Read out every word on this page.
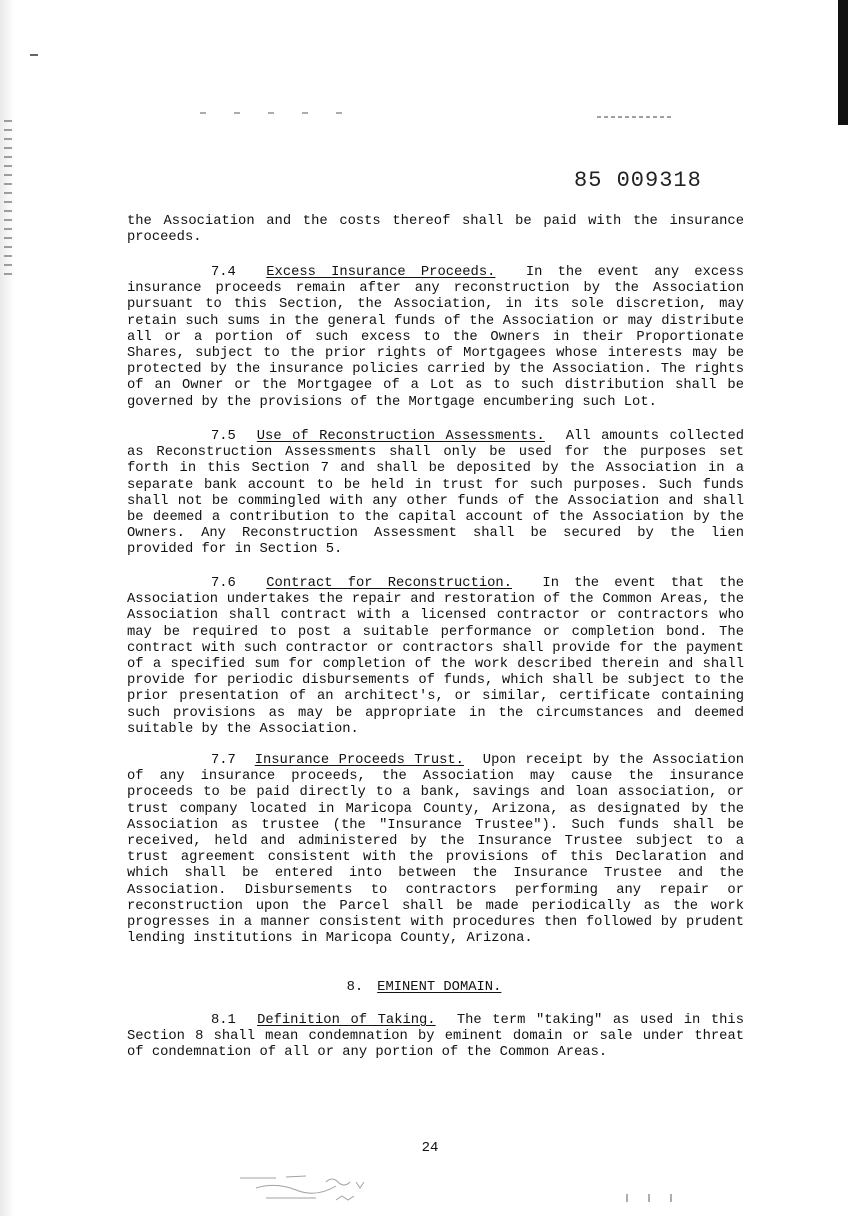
85 009318
the Association and the costs thereof shall be paid with the insurance proceeds.
7.4 Excess Insurance Proceeds. In the event any excess insurance proceeds remain after any reconstruction by the Association pursuant to this Section, the Association, in its sole discretion, may retain such sums in the general funds of the Association or may distribute all or a portion of such excess to the Owners in their Proportionate Shares, subject to the prior rights of Mortgagees whose interests may be protected by the insurance policies carried by the Association. The rights of an Owner or the Mortgagee of a Lot as to such distribution shall be governed by the provisions of the Mortgage encumbering such Lot.
7.5 Use of Reconstruction Assessments. All amounts collected as Reconstruction Assessments shall only be used for the purposes set forth in this Section 7 and shall be deposited by the Association in a separate bank account to be held in trust for such purposes. Such funds shall not be commingled with any other funds of the Association and shall be deemed a contribution to the capital account of the Association by the Owners. Any Reconstruction Assessment shall be secured by the lien provided for in Section 5.
7.6 Contract for Reconstruction. In the event that the Association undertakes the repair and restoration of the Common Areas, the Association shall contract with a licensed contractor or contractors who may be required to post a suitable performance or completion bond. The contract with such contractor or contractors shall provide for the payment of a specified sum for completion of the work described therein and shall provide for periodic disbursements of funds, which shall be subject to the prior presentation of an architect's, or similar, certificate containing such provisions as may be appropriate in the circumstances and deemed suitable by the Association.
7.7 Insurance Proceeds Trust. Upon receipt by the Association of any insurance proceeds, the Association may cause the insurance proceeds to be paid directly to a bank, savings and loan association, or trust company located in Maricopa County, Arizona, as designated by the Association as trustee (the "Insurance Trustee"). Such funds shall be received, held and administered by the Insurance Trustee subject to a trust agreement consistent with the provisions of this Declaration and which shall be entered into between the Insurance Trustee and the Association. Disbursements to contractors performing any repair or reconstruction upon the Parcel shall be made periodically as the work progresses in a manner consistent with procedures then followed by prudent lending institutions in Maricopa County, Arizona.
8. EMINENT DOMAIN.
8.1 Definition of Taking. The term "taking" as used in this Section 8 shall mean condemnation by eminent domain or sale under threat of condemnation of all or any portion of the Common Areas.
24
